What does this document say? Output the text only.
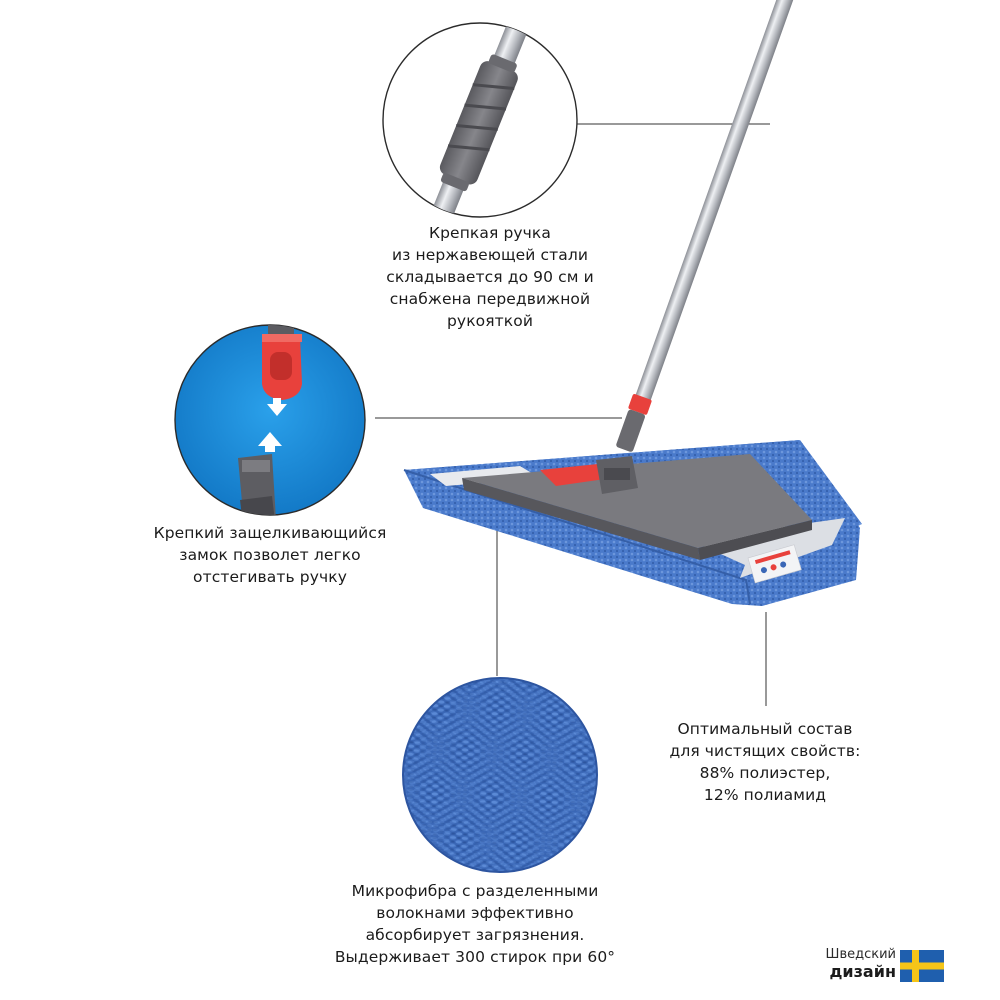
Крепкая ручка
из нержавеющей стали
складывается до 90 см и
снабжена передвижной
рукояткой
Крепкий защелкивающийся
замок позволет легко
отстегивать ручку
Оптимальный состав
для чистящих свойств:
88% полиэстер,
12% полиамид
Микрофибра с разделенными
волокнами эффективно
абсорбирует загрязнения.
Выдерживает 300 стирок при 60°	Шведский
дизайн
